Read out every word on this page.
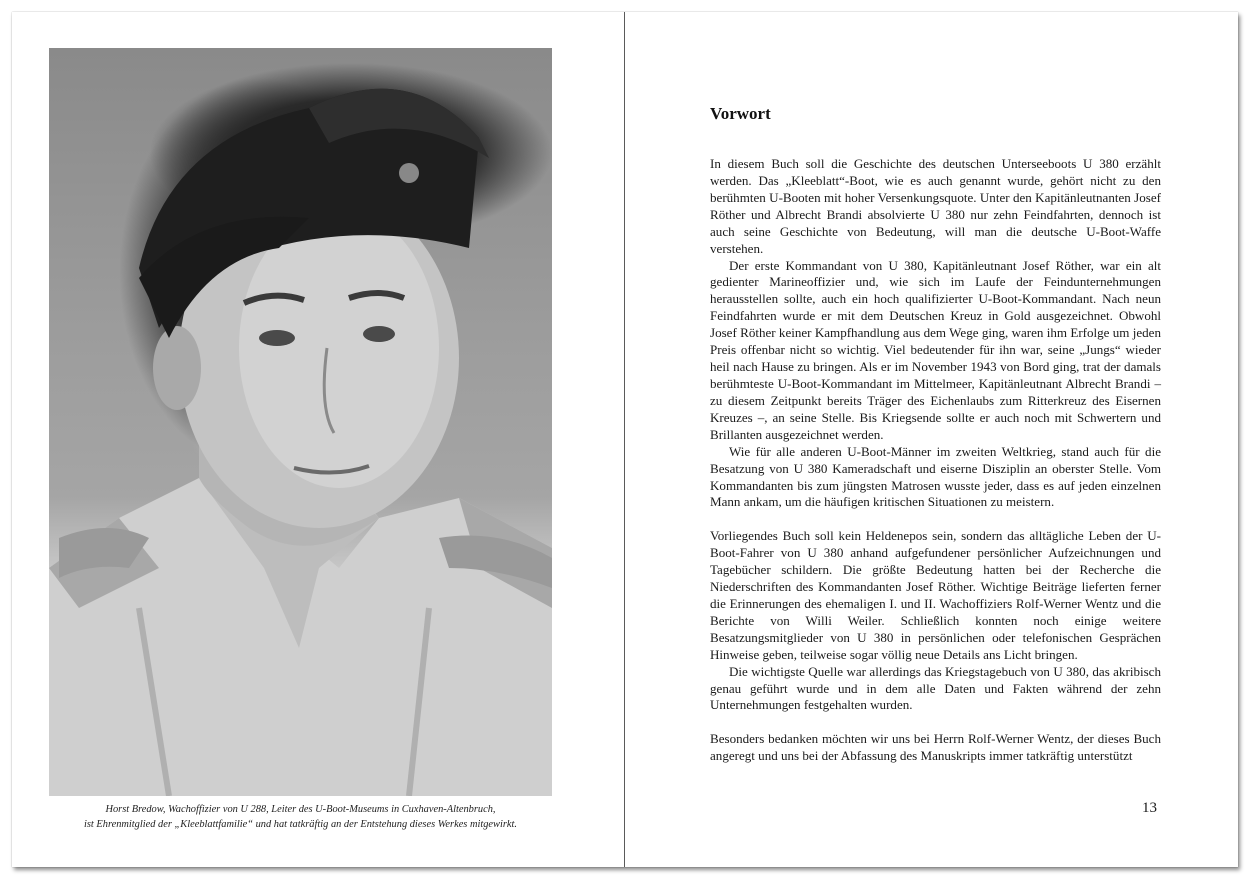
Horst Bredow, Wachoffizier von U 288, Leiter des U-Boot-Museums in Cuxhaven-Altenbruch,
ist Ehrenmitglied der „Kleeblattfamilie“ und hat tatkräftig an der Entstehung dieses Werkes mitgewirkt.
Vorwort

In diesem Buch soll die Geschichte des deutschen Unterseeboots U 380 erzählt werden. Das „Kleeblatt“-Boot, wie es auch genannt wurde, gehört nicht zu den berühmten U-Booten mit hoher Versenkungsquote. Unter den Kapitänleutnanten Josef Röther und Albrecht Brandi absolvierte U 380 nur zehn Feindfahrten, dennoch ist auch seine Geschichte von Bedeutung, will man die deutsche U-Boot-Waffe verstehen.

Der erste Kommandant von U 380, Kapitänleutnant Josef Röther, war ein alt gedienter Marineoffizier und, wie sich im Laufe der Feindunternehmungen herausstellen sollte, auch ein hoch qualifizierter U-Boot-Kommandant. Nach neun Feindfahrten wurde er mit dem Deutschen Kreuz in Gold ausgezeichnet. Obwohl Josef Röther keiner Kampfhandlung aus dem Wege ging, waren ihm Erfolge um jeden Preis offenbar nicht so wichtig. Viel bedeutender für ihn war, seine „Jungs“ wieder heil nach Hause zu bringen. Als er im November 1943 von Bord ging, trat der damals berühmteste U-Boot-Kommandant im Mittelmeer, Kapitänleutnant Albrecht Brandi – zu diesem Zeitpunkt bereits Träger des Eichenlaubs zum Ritterkreuz des Eisernen Kreuzes –, an seine Stelle. Bis Kriegsende sollte er auch noch mit Schwertern und Brillanten ausgezeichnet werden.

Wie für alle anderen U-Boot-Männer im zweiten Weltkrieg, stand auch für die Besatzung von U 380 Kameradschaft und eiserne Disziplin an oberster Stelle. Vom Kommandanten bis zum jüngsten Matrosen wusste jeder, dass es auf jeden einzelnen Mann ankam, um die häufigen kritischen Situationen zu meistern.

Vorliegendes Buch soll kein Heldenepos sein, sondern das alltägliche Leben der U-Boot-Fahrer von U 380 anhand aufgefundener persönlicher Aufzeichnungen und Tagebücher schildern. Die größte Bedeutung hatten bei der Recherche die Niederschriften des Kommandanten Josef Röther. Wichtige Beiträge lieferten ferner die Erinnerungen des ehemaligen I. und II. Wachoffiziers Rolf-Werner Wentz und die Berichte von Willi Weiler. Schließlich konnten noch einige weitere Besatzungsmitglieder von U 380 in persönlichen oder telefonischen Gesprächen Hinweise geben, teilweise sogar völlig neue Details ans Licht bringen.

Die wichtigste Quelle war allerdings das Kriegstagebuch von U 380, das akribisch genau geführt wurde und in dem alle Daten und Fakten während der zehn Unternehmungen festgehalten wurden.

Besonders bedanken möchten wir uns bei Herrn Rolf-Werner Wentz, der dieses Buch angeregt und uns bei der Abfassung des Manuskripts immer tatkräftig unterstützt

13
